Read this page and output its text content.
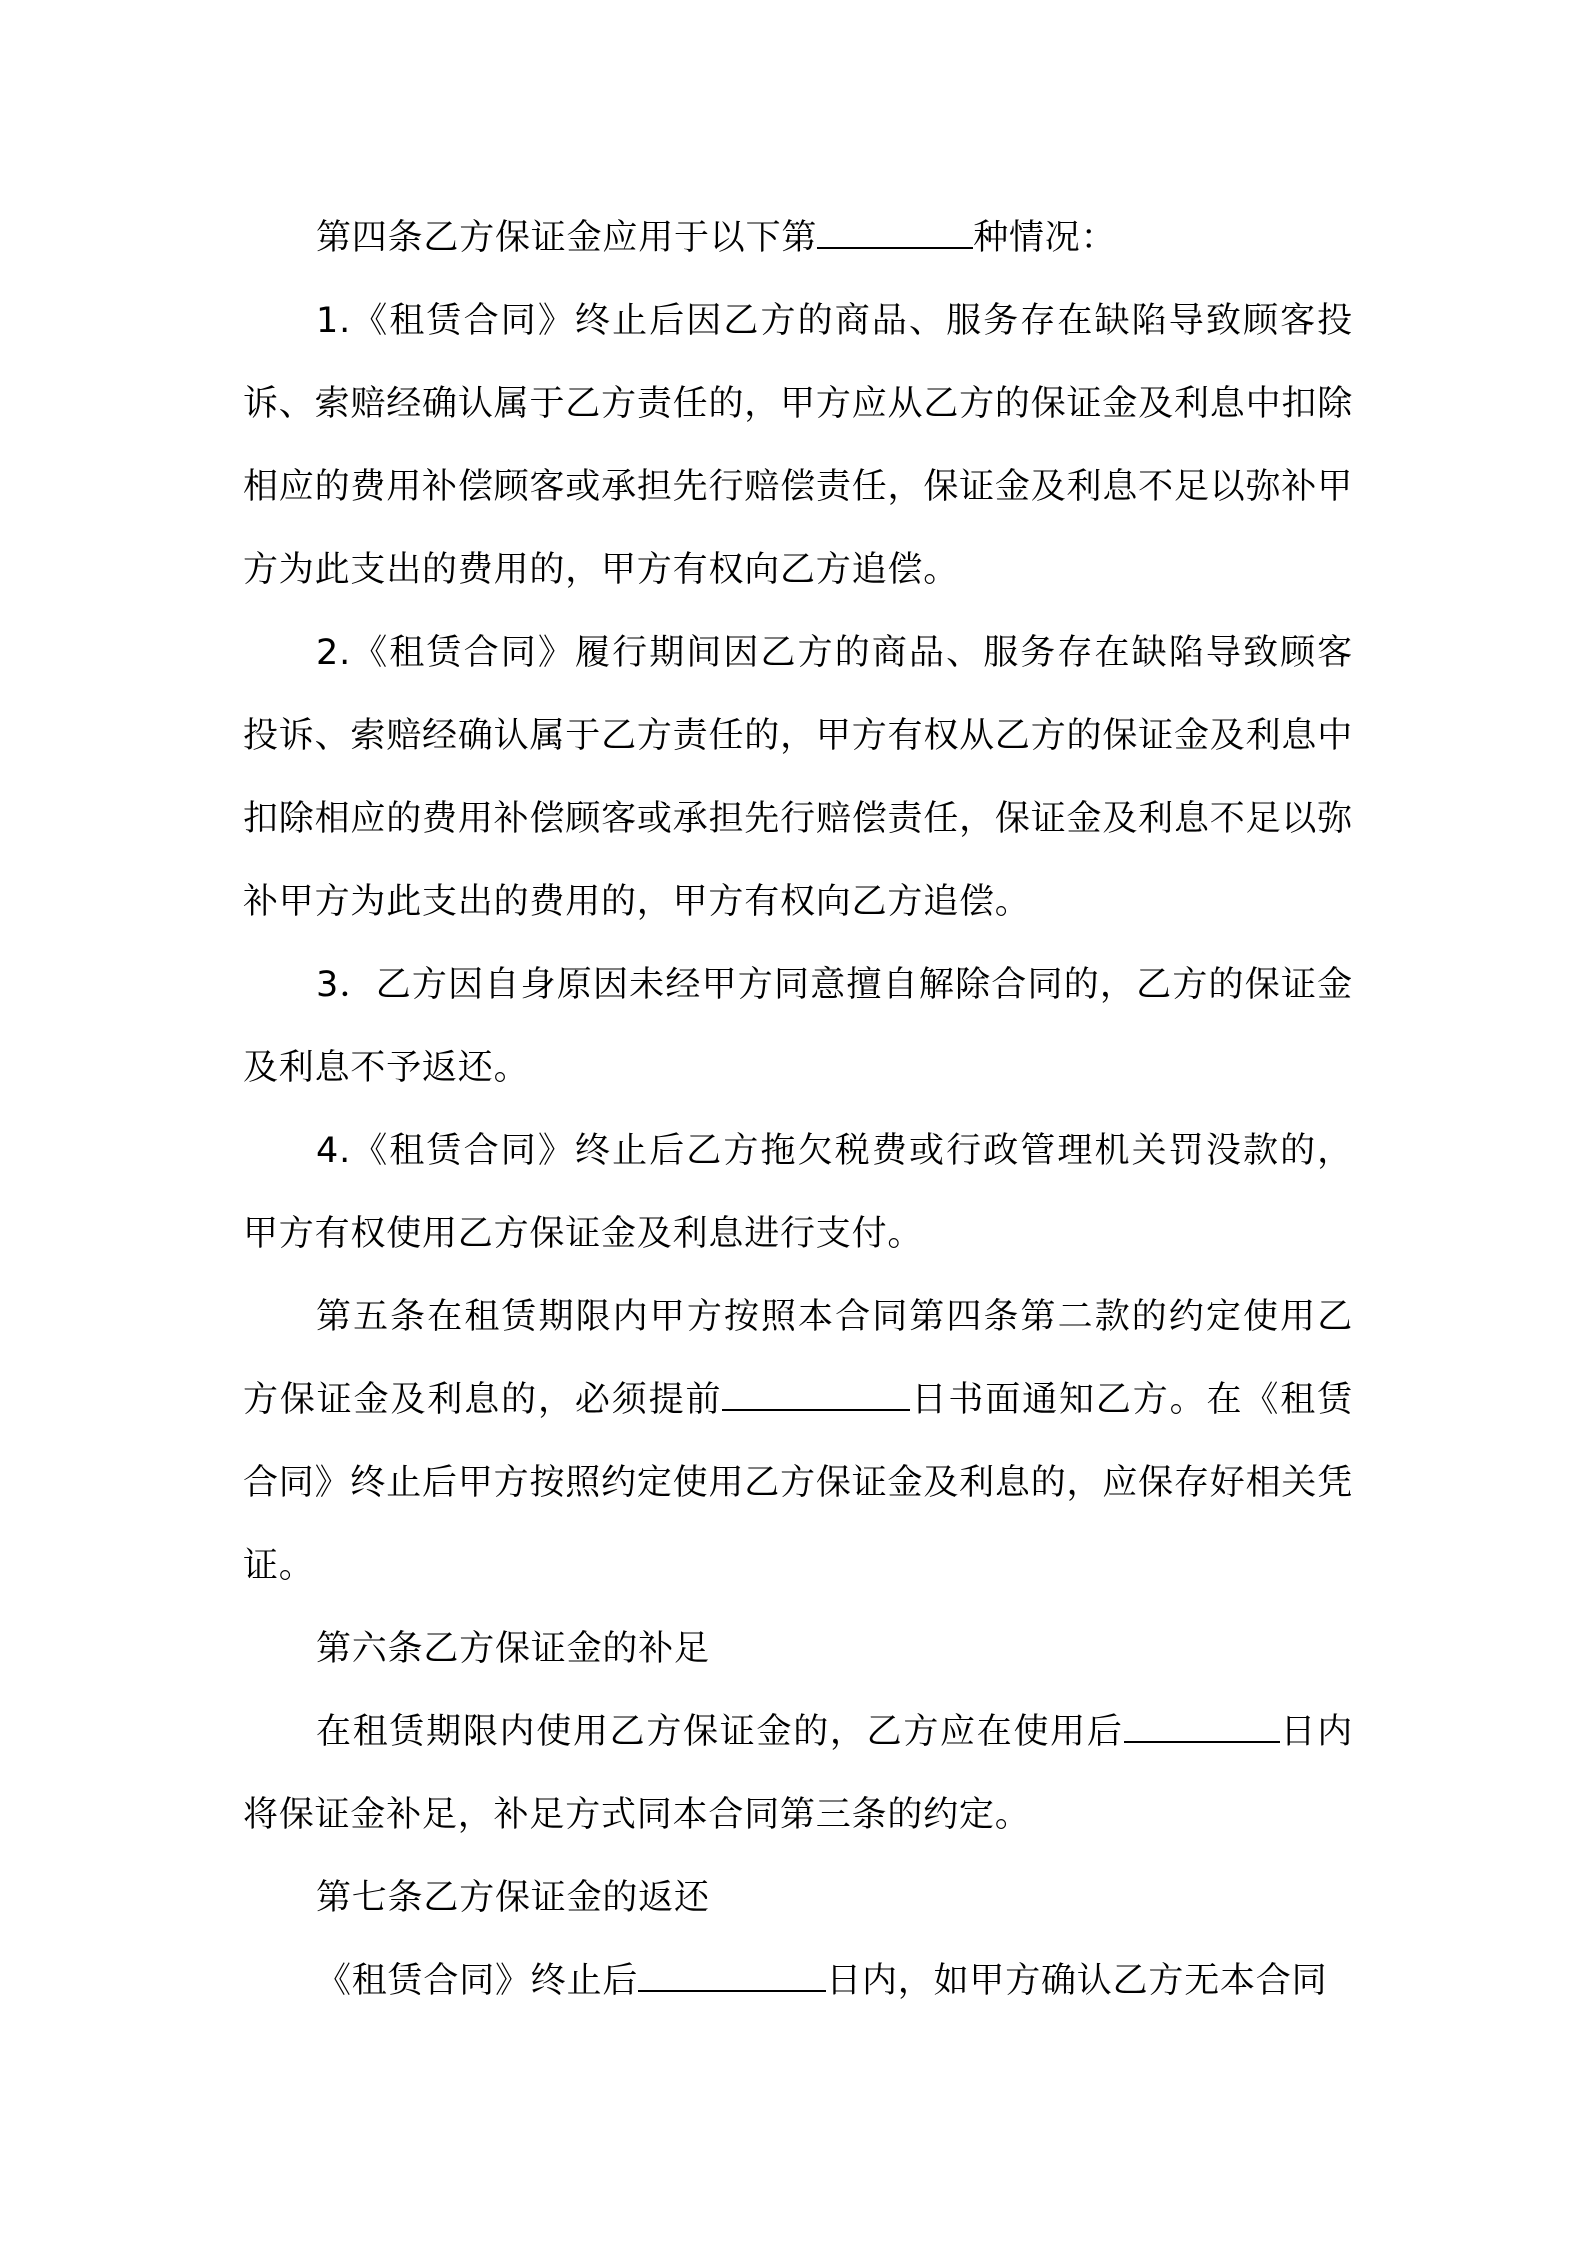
第四条乙方保证金应用于以下第	种情况：

1.《租赁合同》终止后因乙方的商品、服务存在缺陷导致顾客投诉、索赔经确认属于乙方责任的，甲方应从乙方的保证金及利息中扣除相应的费用补偿顾客或承担先行赔偿责任，保证金及利息不足以弥补甲方为此支出的费用的，甲方有权向乙方追偿。

2.《租赁合同》履行期间因乙方的商品、服务存在缺陷导致顾客投诉、索赔经确认属于乙方责任的，甲方有权从乙方的保证金及利息中扣除相应的费用补偿顾客或承担先行赔偿责任，保证金及利息不足以弥补甲方为此支出的费用的，甲方有权向乙方追偿。

3．乙方因自身原因未经甲方同意擅自解除合同的，乙方的保证金及利息不予返还。

4.《租赁合同》终止后乙方拖欠税费或行政管理机关罚没款的，甲方有权使用乙方保证金及利息进行支付。

第五条在租赁期限内甲方按照本合同第四条第二款的约定使用乙方保证金及利息的，必须提前	日书面通知乙方。在《租赁合同》终止后甲方按照约定使用乙方保证金及利息的，应保存好相关凭证。

第六条乙方保证金的补足

在租赁期限内使用乙方保证金的，乙方应在使用后	日内将保证金补足，补足方式同本合同第三条的约定。

第七条乙方保证金的返还

《租赁合同》终止后	日内，如甲方确认乙方无本合同
